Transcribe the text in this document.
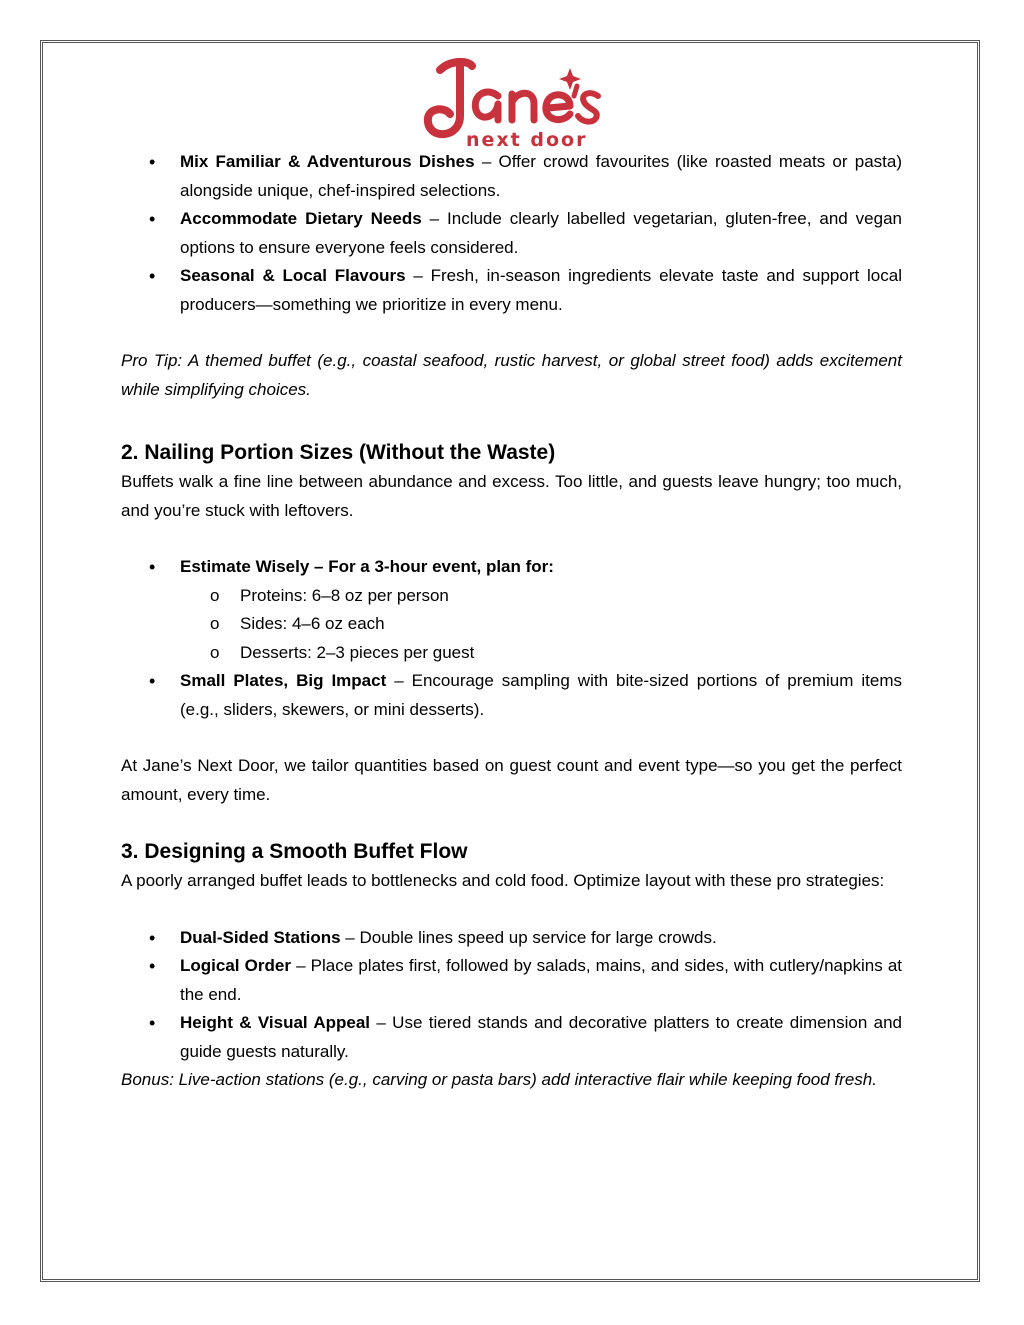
next door
• Mix Familiar & Adventurous Dishes – Offer crowd favourites (like roasted meats or pasta) alongside unique, chef-inspired selections.
• Accommodate Dietary Needs – Include clearly labelled vegetarian, gluten-free, and vegan options to ensure everyone feels considered.
• Seasonal & Local Flavours – Fresh, in-season ingredients elevate taste and support local producers—something we prioritize in every menu.

Pro Tip: A themed buffet (e.g., coastal seafood, rustic harvest, or global street food) adds excitement while simplifying choices.

2. Nailing Portion Sizes (Without the Waste)

Buffets walk a fine line between abundance and excess. Too little, and guests leave hungry; too much, and you’re stuck with leftovers.

• Estimate Wisely – For a 3-hour event, plan for:
o Proteins: 6–8 oz per person
o Sides: 4–6 oz each
o Desserts: 2–3 pieces per guest
• Small Plates, Big Impact – Encourage sampling with bite-sized portions of premium items (e.g., sliders, skewers, or mini desserts).

At Jane’s Next Door, we tailor quantities based on guest count and event type—so you get the perfect amount, every time.

3. Designing a Smooth Buffet Flow

A poorly arranged buffet leads to bottlenecks and cold food. Optimize layout with these pro strategies:

• Dual-Sided Stations – Double lines speed up service for large crowds.
• Logical Order – Place plates first, followed by salads, mains, and sides, with cutlery/napkins at the end.
• Height & Visual Appeal – Use tiered stands and decorative platters to create dimension and guide guests naturally.

Bonus: Live-action stations (e.g., carving or pasta bars) add interactive flair while keeping food fresh.
